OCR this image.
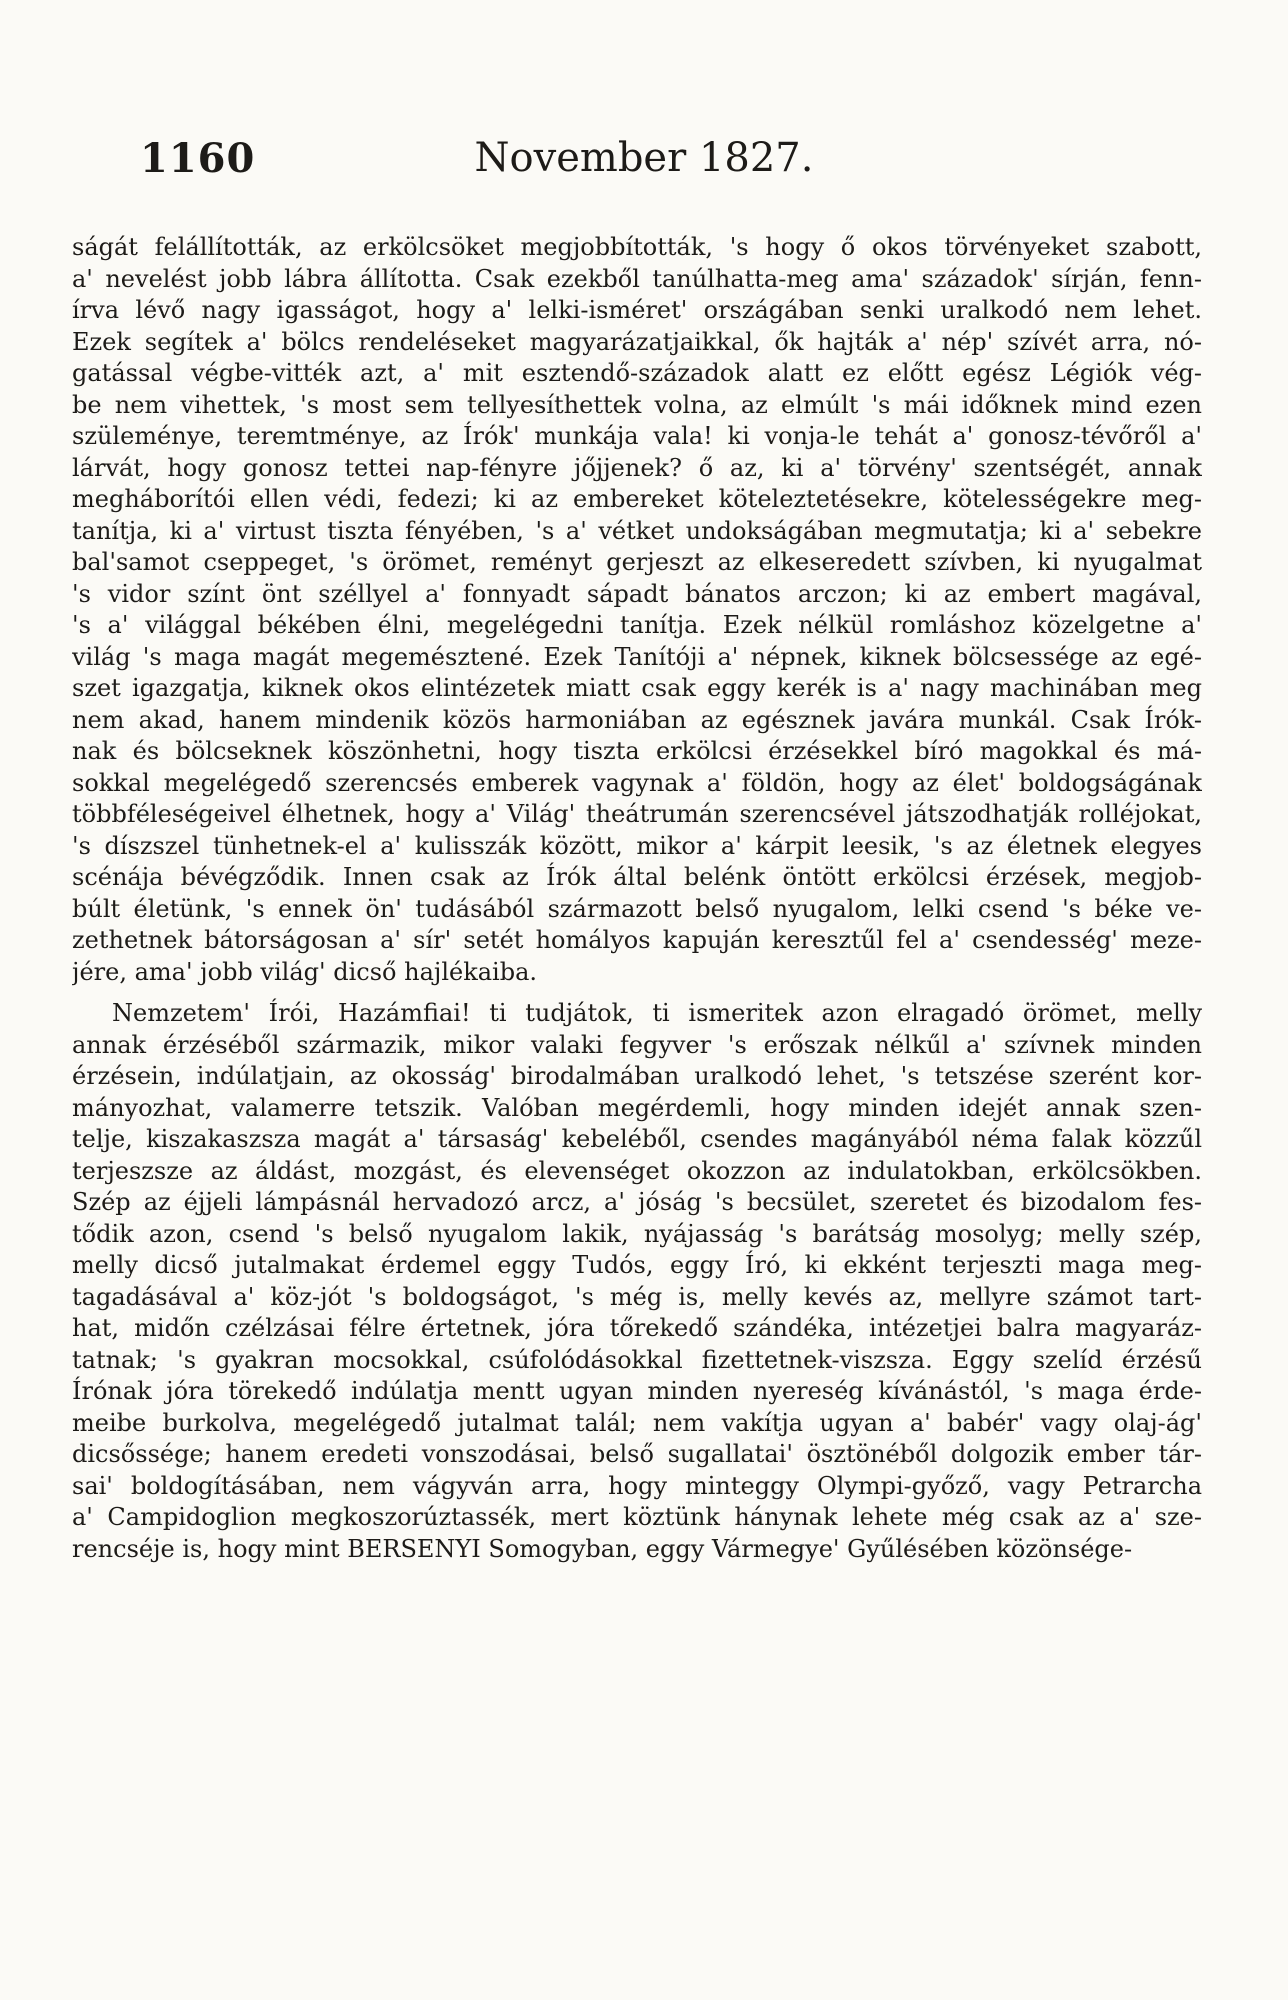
1160	November 1827.
ságát felállították, az erkölcsöket megjobbították, 's hogy ő okos törvényeket szabott,
a' nevelést jobb lábra állította. Csak ezekből tanúlhatta-meg ama' századok' sírján, fenn-
írva lévő nagy igasságot, hogy a' lelki-isméret' országában senki uralkodó nem lehet.
Ezek segítek a' bölcs rendeléseket magyarázatjaikkal, ők hajták a' nép' szívét arra, nó-
gatással végbe-vitték azt, a' mit esztendő-századok alatt ez előtt egész Légiók vég-
be nem vihettek, 's most sem tellyesíthettek volna, az elmúlt 's mái időknek mind ezen
szüleménye, teremtménye, az Írók' munkája vala! ki vonja-le tehát a' gonosz-tévőről a'
lárvát, hogy gonosz tettei nap-fényre jőjjenek? ő az, ki a' törvény' szentségét, annak
megháborítói ellen védi, fedezi; ki az embereket köteleztetésekre, kötelességekre meg-
tanítja, ki a' virtust tiszta fényében, 's a' vétket undokságában megmutatja; ki a' sebekre
bal'samot cseppeget, 's örömet, reményt gerjeszt az elkeseredett szívben, ki nyugalmat
's vidor színt önt széllyel a' fonnyadt sápadt bánatos arczon; ki az embert magával,
's a' világgal békében élni, megelégedni tanítja. Ezek nélkül romláshoz közelgetne a'
világ 's maga magát megemésztené. Ezek Tanítóji a' népnek, kiknek bölcsessége az egé-
szet igazgatja, kiknek okos elintézetek miatt csak eggy kerék is a' nagy machinában meg
nem akad, hanem mindenik közös harmoniában az egésznek javára munkál. Csak Írók-
nak és bölcseknek köszönhetni, hogy tiszta erkölcsi érzésekkel bíró magokkal és má-
sokkal megelégedő szerencsés emberek vagynak a' földön, hogy az élet' boldogságának
többféleségeivel élhetnek, hogy a' Világ' theátrumán szerencsével játszodhatják rolléjokat,
's díszszel tünhetnek-el a' kulisszák között, mikor a' kárpit leesik, 's az életnek elegyes
scénája bévégződik. Innen csak az Írók által belénk öntött erkölcsi érzések, megjob-
búlt életünk, 's ennek ön' tudásából származott belső nyugalom, lelki csend 's béke ve-
zethetnek bátorságosan a' sír' setét homályos kapuján keresztűl fel a' csendesség' meze-
jére, ama' jobb világ' dicső hajlékaiba.
Nemzetem' Írói, Hazámfiai! ti tudjátok, ti ismeritek azon elragadó örömet, melly
annak érzéséből származik, mikor valaki fegyver 's erőszak nélkűl a' szívnek minden
érzésein, indúlatjain, az okosság' birodalmában uralkodó lehet, 's tetszése szerént kor-
mányozhat, valamerre tetszik. Valóban megérdemli, hogy minden idejét annak szen-
telje, kiszakaszsza magát a' társaság' kebeléből, csendes magányából néma falak közzűl
terjeszsze az áldást, mozgást, és elevenséget okozzon az indulatokban, erkölcsökben.
Szép az éjjeli lámpásnál hervadozó arcz, a' jóság 's becsület, szeretet és bizodalom fes-
tődik azon, csend 's belső nyugalom lakik, nyájasság 's barátság mosolyg; melly szép,
melly dicső jutalmakat érdemel eggy Tudós, eggy Író, ki ekként terjeszti maga meg-
tagadásával a' köz-jót 's boldogságot, 's még is, melly kevés az, mellyre számot tart-
hat, midőn czélzásai félre értetnek, jóra tőrekedő szándéka, intézetjei balra magyaráz-
tatnak; 's gyakran mocsokkal, csúfolódásokkal fizettetnek-viszsza. Eggy szelíd érzésű
Írónak jóra törekedő indúlatja mentt ugyan minden nyereség kívánástól, 's maga érde-
meibe burkolva, megelégedő jutalmat talál; nem vakítja ugyan a' babér' vagy olaj-ág'
dicsőssége; hanem eredeti vonszodásai, belső sugallatai' ösztönéből dolgozik ember tár-
sai' boldogításában, nem vágyván arra, hogy minteggy Olympi-győző, vagy Petrarcha
a' Campidoglion megkoszorúztassék, mert köztünk hánynak lehete még csak az a' sze-
rencséje is, hogy mint BERSENYI Somogyban, eggy Vármegye' Gyűlésében közönsége-
